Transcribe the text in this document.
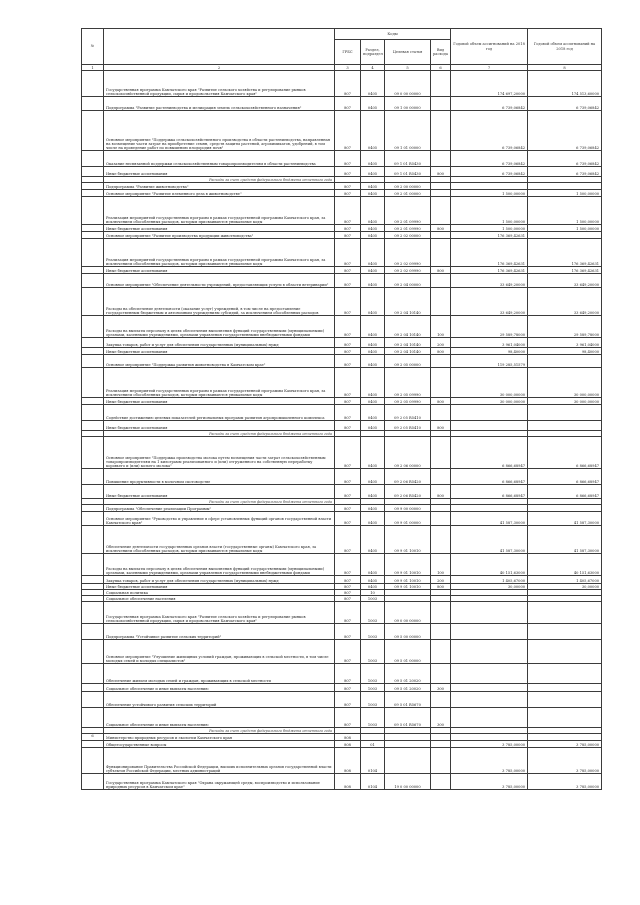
№		Коды				Годовой объем ассигнований на 2018 год	Годовой объем ассигнований на 2018 год
		ГРБС	Раздел, подраздел	Целевая статья	Вид расхода		
1	2	3	4	5	6	7	8
	Государственная программа Камчатского края "Развитие сельского хозяйства и регулирование рынков сельскохозяйственной продукции, сырья и продовольствия Камчатского края"	807	0405	09 0 00 00000		174 697,20000	174 513,60000
	Подпрограмма "Развитие растениеводства и мелиорация земель сельскохозяйственного назначения"	807	0405	09 1 00 00000		6 739,06842	6 739,06842
	Основное мероприятие "Поддержка сельскохозяйственного производства в области растениеводства, направленная на возмещение части затрат на приобретение семян, средств защиты растений, агрохимикатов, удобрений, в том числе на проведение работ по повышению плодородия почв"	807	0405	09 1 01 00000		6 739,06842	6 739,06842
	Оказание несвязанной поддержки сельскохозяйственным товаропроизводителям в области растениеводства	807	0405	09 1 01 R5430		6 739,06842	6 739,06842
	Иные бюджетные ассигнования	807	0405	09 1 01 R5430	800	6 739,06842	6 739,06842
	Расходы за счет средств федерального бюджета отчетного года						
	Подпрограмма "Развитие животноводства"	807	0405	09 2 00 00000			
	Основное мероприятие "Развитие племенного дела в животноводстве"	807	0405	09 2 01 00000		1 500,00000	1 500,00000
	Реализация мероприятий государственных программ в рамках государственной программы Камчатского края, за исключением обособленных расходов, которым присваиваются уникальные коды	807	0405	09 2 01 09990		1 500,00000	1 500,00000
	Иные бюджетные ассигнования	807	0405	09 2 01 09990	800	1 500,00000	1 500,00000
	Основное мероприятие "Развитие производства продукции животноводства"	807	0405	09 2 02 00000		176 369,42631	
	Реализация мероприятий государственных программ в рамках государственной программы Камчатского края, за исключением обособленных расходов, которым присваиваются уникальные коды	807	0405	09 2 02 09990		176 369,42631	176 369,42631
	Иные бюджетные ассигнования	807	0405	09 2 02 09990	800	176 369,42631	176 369,42631
	Основное мероприятие "Обеспечение деятельности учреждений, предоставляющих услуги в области ветеринарии"	807	0405	09 2 04 00000		33 649,20000	33 649,20000
	Расходы на обеспечение деятельности (оказание услуг) учреждений, в том числе на предоставление государственным бюджетным и автономным учреждениям субсидий, за исключением обособленных расходов	807	0405	09 2 04 10140		33 649,20000	33 649,20000
	Расходы на выплаты персоналу в целях обеспечения выполнения функций государственными (муниципальными) органами, казенными учреждениями, органами управления государственными внебюджетными фондами	807	0405	09 2 04 10140	100	29 589,78000	29 589,78000
	Закупка товаров, работ и услуг для обеспечения государственных (муниципальных) нужд	807	0405	09 2 04 10140	200	3 961,04000	3 961,04000
	Иные бюджетные ассигнования	807	0405	09 2 04 10140	800	98,40000	98,40000
	Основное мероприятие "Поддержка развития животноводства в Камчатском крае"	807	0405	09 2 05 00000		119 285,51579	
	Реализация мероприятий государственных программ в рамках государственной программы Камчатского края, за исключением обособленных расходов, которым присваиваются уникальные коды	807	0405	09 2 05 09990		30 000,00000	30 000,00000
	Иные бюджетные ассигнования	807	0405	09 2 05 09990	800	30 000,00000	30 000,00000
	Содействие достижению целевых показателей региональных программ развития агропромышленного комплекса	807	0405	09 2 05 R5410			
	Иные бюджетные ассигнования	807	0405	09 2 05 R5410	800		
	Расходы за счет средств федерального бюджета отчетного года						
	Основное мероприятие "Поддержка производства молока путем возмещения части затрат сельскохозяйственным товаропроизводителям на 1 килограмм реализованного и (или) отгруженного на собственную переработку коровьего и (или) козьего молока"	807	0405	09 2 06 00000		6 866,68947	6 866,68947
	Повышение продуктивности в молочном скотоводстве	807	0405	09 2 06 R5420		6 866,68947	6 866,68947
	Иные бюджетные ассигнования	807	0405	09 2 06 R5420	800	6 866,68947	6 866,68947
	Расходы за счет средств федерального бюджета отчетного года						
	Подпрограмма "Обеспечение реализации Программы"	807	0405	09 9 00 00000			
	Основное мероприятие "Руководство и управление в сфере установленных функций органов государственной власти Камчатского края"	807	0405	09 9 01 00000		41 587,30000	41 587,30000
	Обеспечение деятельности государственных органов власти (государственные органы) Камчатского края, за исключением обособленных расходов, которым присваиваются уникальные коды	807	0405	09 9 01 10010		41 587,30000	41 587,30000
	Расходы на выплаты персоналу в целях обеспечения выполнения функций государственными (муниципальными) органами, казенными учреждениями, органами управления государственными внебюджетными фондами	807	0405	09 9 01 10010	100	40 151,63000	40 151,63000
	Закупка товаров, работ и услуг для обеспечения государственных (муниципальных) нужд	807	0405	09 9 01 10010	200	1 405,67000	1 405,67000
	Иные бюджетные ассигнования	807	0405	09 9 01 10010	800	30,00000	30,00000
	Социальная политика	807	10				
	Социальное обеспечение населения	807	1003				
	Государственная программа Камчатского края "Развитие сельского хозяйства и регулирование рынков сельскохозяйственной продукции, сырья и продовольствия Камчатского края"	807	1003	09 0 00 00000			
	Подпрограмма "Устойчивое развитие сельских территорий"	807	1003	09 5 00 00000			
	Основное мероприятие "Улучшение жилищных условий граждан, проживающих в сельской местности, в том числе молодых семей и молодых специалистов"	807	1003	09 5 01 00000			
	Обеспечение жильем молодых семей и граждан, проживающих в сельской местности	807	1003	09 5 01 20020			
	Социальное обеспечение и иные выплаты населению	807	1003	09 5 01 20020	300		
	Обеспечение устойчивого развития сельских территорий	807	1003	09 5 01 R5670			
	Социальное обеспечение и иные выплаты населению	807	1003	09 5 01 R5670	300		
	Расходы за счет средств федерального бюджета отчетного года						
6	Министерство природных ресурсов и экологии Камчатского края	808					
	Общегосударственные вопросы	808	01			3 785,00000	3 785,00000
	Функционирование Правительства Российской Федерации, высших исполнительных органов государственной власти субъектов Российской Федерации, местных администраций	808	0104			3 785,00000	3 785,00000
	Государственная программа Камчатского края "Охрана окружающей среды, воспроизводство и использование природных ресурсов в Камчатском крае"	808	0104	19 0 00 00000		3 785,00000	3 785,00000
